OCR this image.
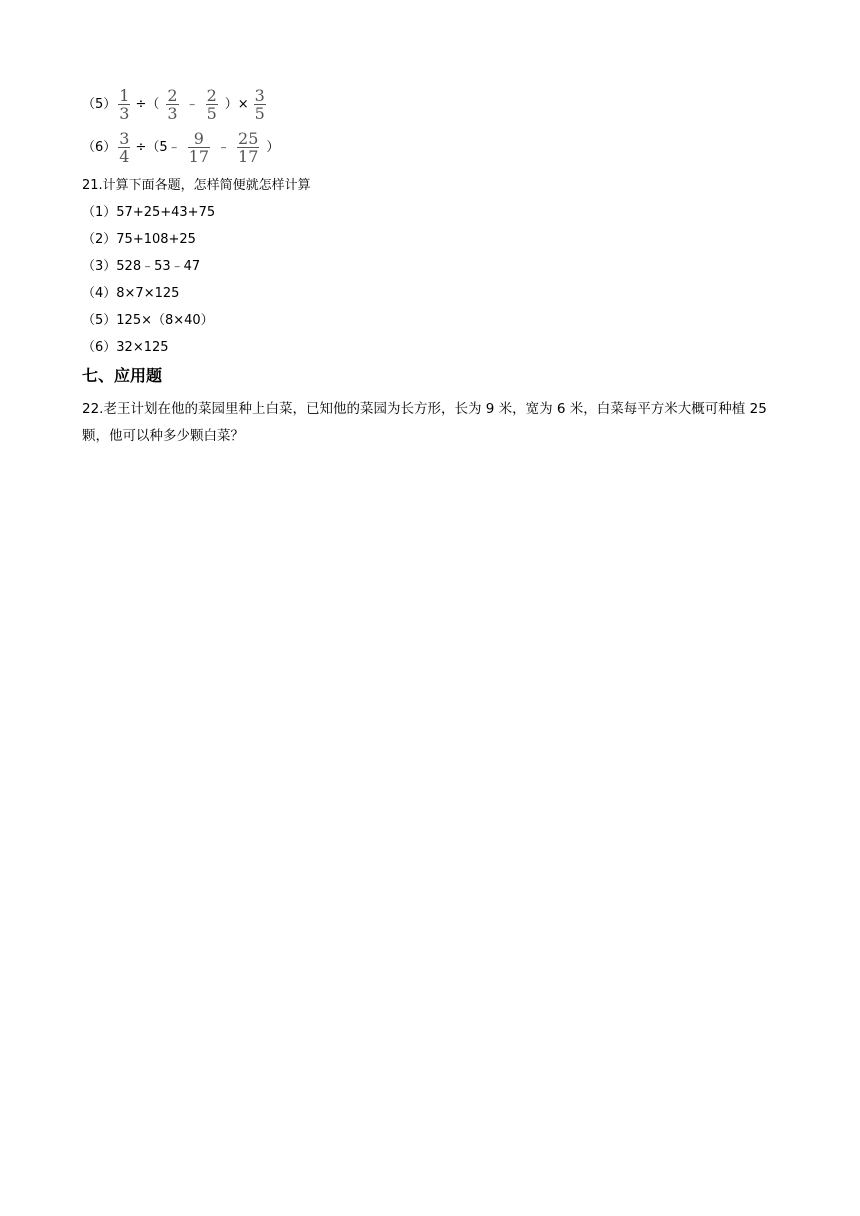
$(5) \frac{1}{3}$ ÷（ $\frac{2}{3}$ ﹣ $\frac{2}{5}$ ）× $\frac{3}{5}$
$(6) \frac{3}{4}$ ÷（5﹣ $\frac{9}{17}$ ﹣ $\frac{25}{17}$ ）
21.计算下面各题，怎样简便就怎样计算
（1）57+25+43+75
（2）75+108+25
（3）528﹣53﹣47
（4）8×7×125
（5）125×（8×40）
（6）32×125
七、应用题
22.老王计划在他的菜园里种上白菜，已知他的菜园为长方形，长为 9 米，宽为 6 米，白菜每平方米大概可种植 25 颗，他可以种多少颗白菜？
